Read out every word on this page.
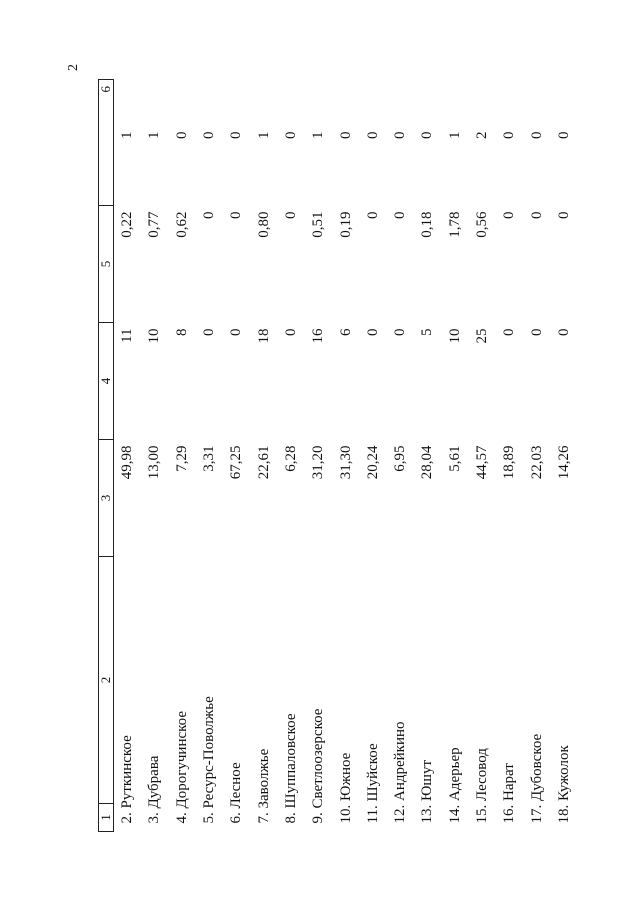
2
1	2	3	4	5	6
2. Руткинское		49,98	11	0,22	1
3. Дубрава		13,00	10	0,77	1
4. Дорогучинское		7,29	8	0,62	0
5. Ресурс-Поволжье		3,31	0	0	0
6. Лесное		67,25	0	0	0
7. Заволжье		22,61	18	0,80	1
8. Шуппаловское		6,28	0	0	0
9. Светлоозерское		31,20	16	0,51	1
10. Южное		31,30	6	0,19	0
11. Шуйское		20,24	0	0	0
12. Андрейкино		6,95	0	0	0
13. Юшут		28,04	5	0,18	0
14. Адерьер		5,61	10	1,78	1
15. Лесовод		44,57	25	0,56	2
16. Нарат		18,89	0	0	0
17. Дубовское		22,03	0	0	0
18. Кужолок		14,26	0	0	0
